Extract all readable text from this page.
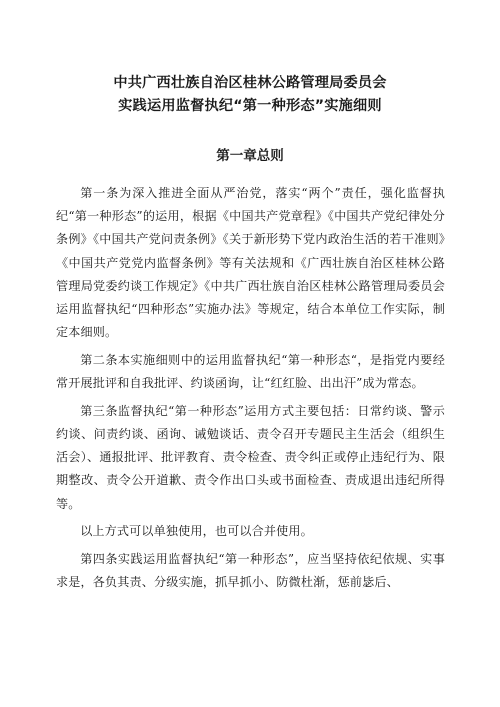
中共广西壮族自治区桂林公路管理局委员会
实践运用监督执纪“第一种形态”实施细则
第一章总则

第一条为深入推进全面从严治党，落实“两个”责任，强化监督执纪“第一种形态”的运用，根据《中国共产党章程》《中国共产党纪律处分条例》《中国共产党问责条例》《关于新形势下党内政治生活的若干准则》《中国共产党党内监督条例》等有关法规和《广西壮族自治区桂林公路管理局党委约谈工作规定》《中共广西壮族自治区桂林公路管理局委员会运用监督执纪“四种形态”实施办法》等规定，结合本单位工作实际，制定本细则。

第二条本实施细则中的运用监督执纪“第一种形态“，是指党内要经常开展批评和自我批评、约谈函询，让“红红脸、出出汗”成为常态。

第三条监督执纪“第一种形态”运用方式主要包括：日常约谈、警示约谈、问责约谈、函询、诫勉谈话、责令召开专题民主生活会（组织生活会）、通报批评、批评教育、责令检查、责令纠正或停止违纪行为、限期整改、责令公开道歉、责令作出口头或书面检查、责成退出违纪所得等。

以上方式可以单独使用，也可以合并使用。

第四条实践运用监督执纪“第一种形态”，应当坚持依纪依规、实事求是，各负其责、分级实施，抓早抓小、防微杜渐，惩前毖后、
